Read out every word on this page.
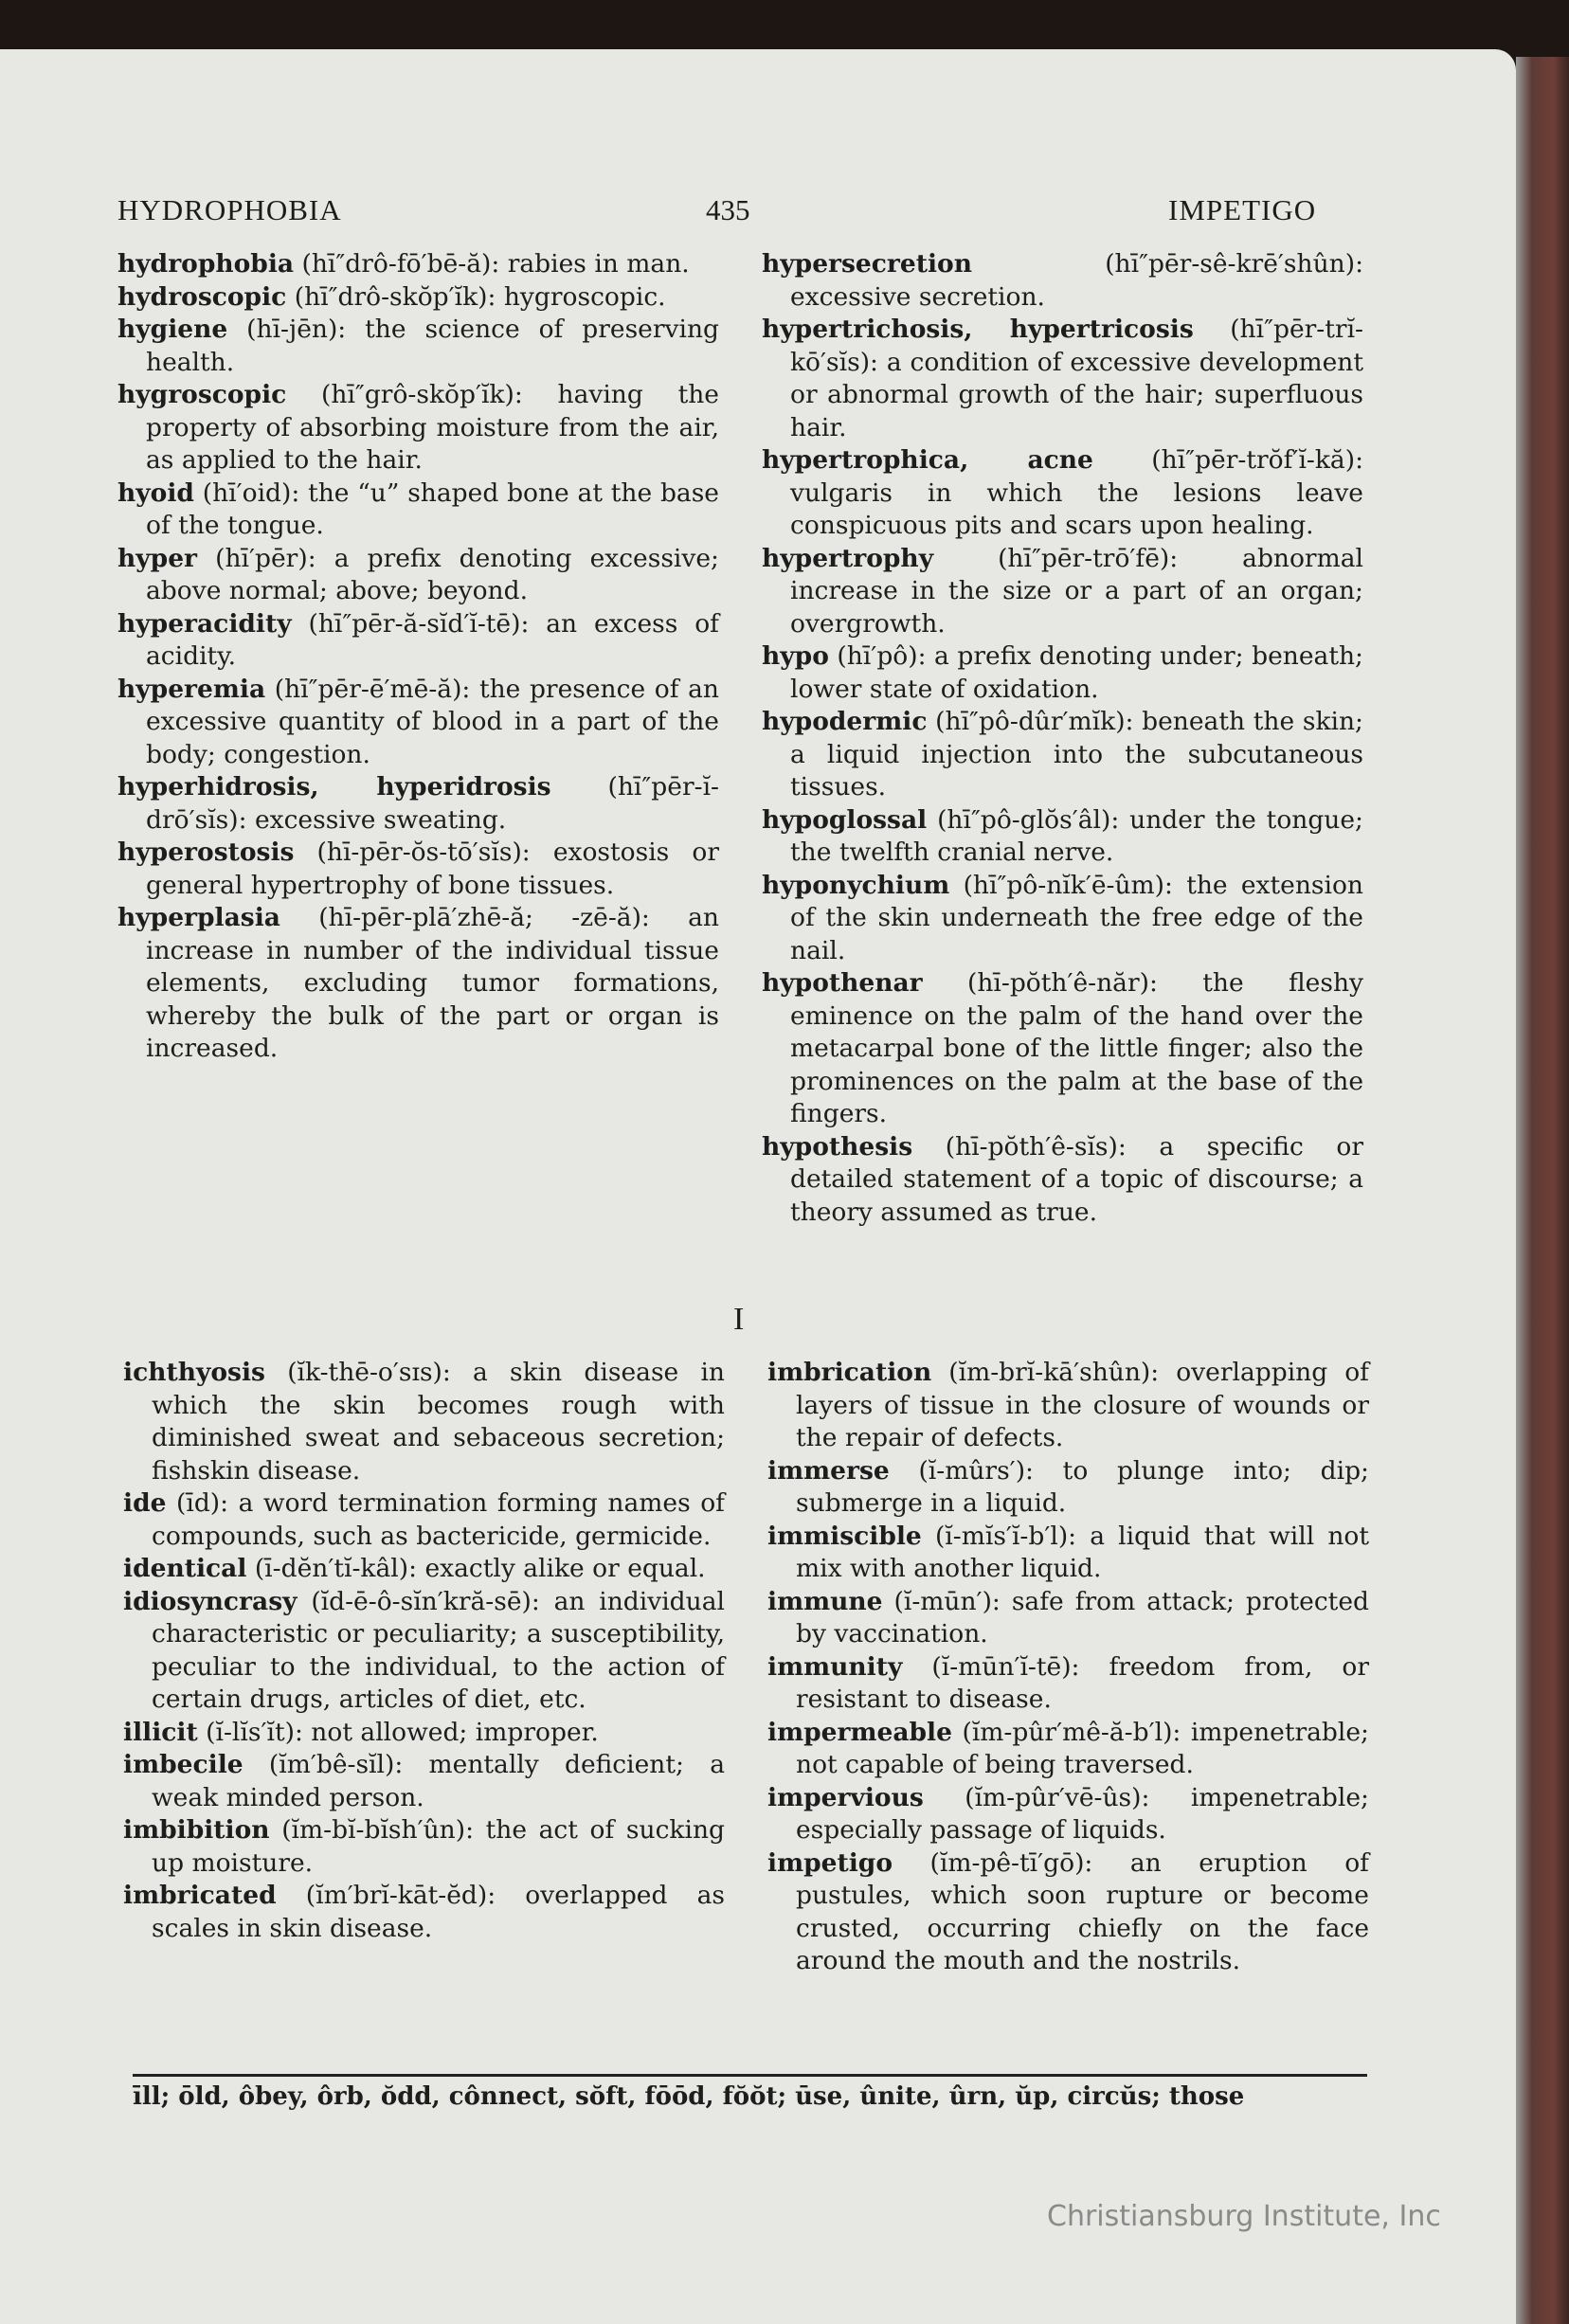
HYDROPHOBIA	435	IMPETIGO

hydrophobia (hī″drô-fō′bē-ă): rabies in man.

hydroscopic (hī″drô-skŏp′ĭk): hygroscopic.

hygiene (hī-jēn): the science of preserving health.

hygroscopic (hī″grô-skŏp′ĭk): having the property of absorbing moisture from the air, as applied to the hair.

hyoid (hī′oid): the “u” shaped bone at the base of the tongue.

hyper (hī′pēr): a prefix denoting excessive; above normal; above; beyond.

hyperacidity (hī″pēr-ă-sĭd′ĭ-tē): an excess of acidity.

hyperemia (hī″pēr-ē′mē-ă): the presence of an excessive quantity of blood in a part of the body; congestion.

hyperhidrosis, hyperidrosis (hī″pēr-ĭ-drō′sĭs): excessive sweating.

hyperostosis (hī-pēr-ŏs-tō′sĭs): exostosis or general hypertrophy of bone tissues.

hyperplasia (hī-pēr-plā′zhē-ă; -zē-ă): an increase in number of the individual tissue elements, excluding tumor formations, whereby the bulk of the part or organ is increased.

hypersecretion	(hī″pēr-sê-krē′shûn): excessive secretion.

hypertrichosis, hypertricosis (hī″pēr-trĭ-kō′sĭs): a condition of excessive development or abnormal growth of the hair; superfluous hair.

hypertrophica, acne (hī″pēr-trŏf′ĭ-kă): vulgaris in which the lesions leave conspicuous pits and scars upon healing.

hypertrophy	(hī″pēr-trō′fē): abnormal increase in the size or a part of an organ; overgrowth.

hypo (hī′pô): a prefix denoting under; beneath; lower state of oxidation.

hypodermic (hī″pô-dûr′mĭk): beneath the skin; a liquid injection into the subcutaneous tissues.

hypoglossal (hī″pô-glŏs′âl): under the tongue; the twelfth cranial nerve.

hyponychium (hī″pô-nĭk′ē-ûm): the extension of the skin underneath the free edge of the nail.

hypothenar (hī-pŏth′ê-năr): the fleshy eminence on the palm of the hand over the metacarpal bone of the little finger; also the prominences on the palm at the base of the fingers.

hypothesis (hī-pŏth′ê-sĭs): a specific or detailed statement of a topic of discourse; a theory assumed as true.

I

ichthyosis (ĭk-thē-o′sɪs): a skin disease in which the skin becomes rough with diminished sweat and sebaceous secretion; fishskin disease.

ide (īd): a word termination forming names of compounds, such as bactericide, germicide.

identical (ī-dĕn′tĭ-kâl): exactly alike or equal.

idiosyncrasy (ĭd-ē-ô-sĭn′kră-sē): an individual characteristic or peculiarity; a susceptibility, peculiar to the individual, to the action of certain drugs, articles of diet, etc.

illicit (ĭ-lĭs′ĭt): not allowed; improper.

imbecile (ĭm′bê-sĭl): mentally deficient; a weak minded person.

imbibition (ĭm-bĭ-bĭsh′ûn): the act of sucking up moisture.

imbricated (ĭm′brĭ-kāt-ĕd): overlapped as scales in skin disease.

imbrication (ĭm-brĭ-kā′shûn): overlapping of layers of tissue in the closure of wounds or the repair of defects.

immerse (ĭ-mûrs′): to plunge into; dip; submerge in a liquid.

immiscible (ĭ-mĭs′ĭ-b′l): a liquid that will not mix with another liquid.

immune (ĭ-mūn′): safe from attack; protected by vaccination.

immunity (ĭ-mūn′ĭ-tē): freedom from, or resistant to disease.

impermeable (ĭm-pûr′mê-ă-b′l): impenetrable; not capable of being traversed.

impervious (ĭm-pûr′vē-ûs): impenetrable; especially passage of liquids.

impetigo (ĭm-pê-tī′gō): an eruption of pustules, which soon rupture or become crusted, occurring chiefly on the face around the mouth and the nostrils.

īll; ōld, ôbey, ôrb, ŏdd, cônnect, sŏft, fōōd, fŏŏt; ūse, ûnite, ûrn, ŭp, circŭs; those
Christiansburg Institute, Inc
